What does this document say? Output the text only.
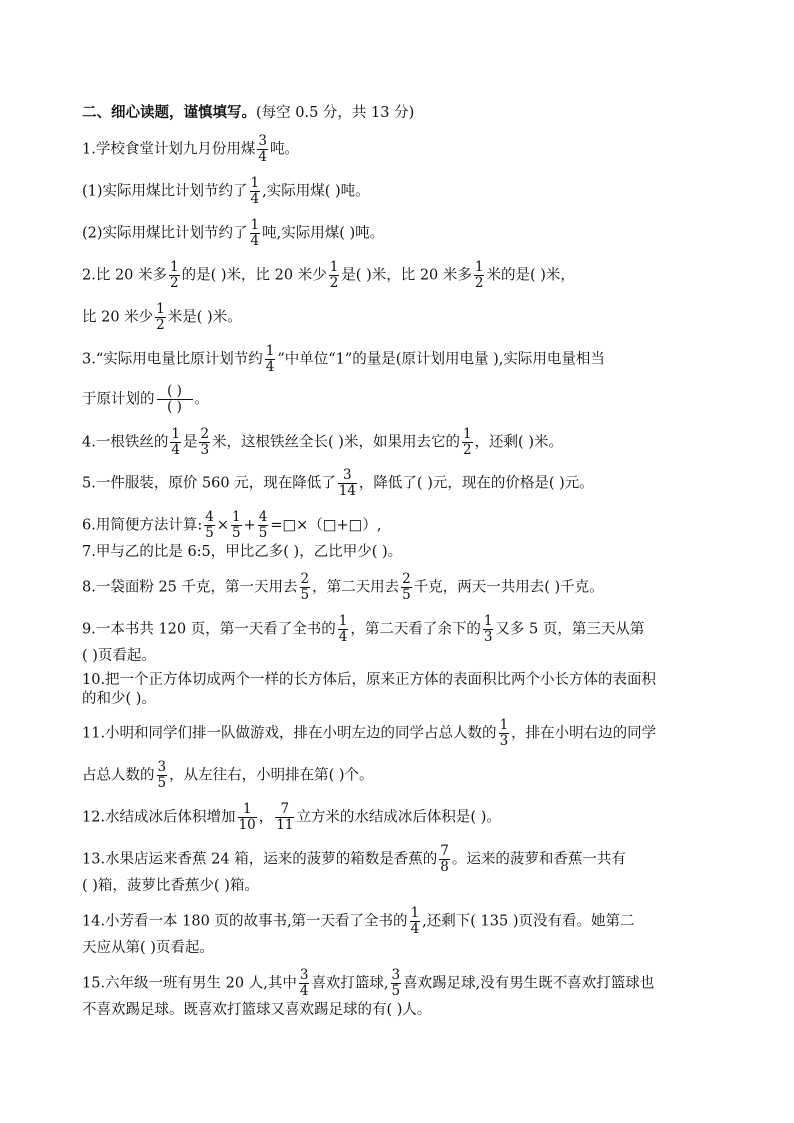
二、细心读题，谨慎填写。(每空 0.5 分，共 13 分)
1.学校食堂计划九月份用煤 $\frac{3}{4}$ 吨。
(1)实际用煤比计划节约了 $\frac{1}{4}$ ,实际用煤( )吨。
(2)实际用煤比计划节约了 $\frac{1}{4}$ 吨,实际用煤( )吨。
2.比 20 米多 $\frac{1}{2}$ 的是( )米，比 20 米少 $\frac{1}{2}$ 是( )米，比 20 米多 $\frac{1}{2}$ 米的是( )米，
比 20 米少 $\frac{1}{2}$ 米是( )米。
3.“实际用电量比原计划节约 $\frac{1}{4}$ ”中单位“1”的量是(原计划用电量 ),实际用电量相当
于原计划的 $\frac{( )}{( )}$ 。
4.一根铁丝的 $\frac{1}{4}$ 是 $\frac{2}{3}$ 米，这根铁丝全长( )米，如果用去它的 $\frac{1}{2}$ ，还剩( )米。
5.一件服装，原价 560 元，现在降低了 $\frac{3}{14}$ ，降低了( )元，现在的价格是( )元。
6.用简便方法计算: $\frac{4}{5} \times \frac{1}{5} + \frac{4}{5}$ =□×（□+□）,
7.甲与乙的比是 6:5，甲比乙多( )，乙比甲少( )。
8.一袋面粉 25 千克，第一天用去 $\frac{2}{5}$ ，第二天用去 $\frac{2}{5}$ 千克，两天一共用去( )千克。
9.一本书共 120 页，第一天看了全书的 $\frac{1}{4}$ ，第二天看了余下的 $\frac{1}{3}$ 又多 5 页，第三天从第
( )页看起。
10.把一个正方体切成两个一样的长方体后，原来正方体的表面积比两个小长方体的表面积
的和少( )。
11.小明和同学们排一队做游戏，排在小明左边的同学占总人数的 $\frac{1}{3}$ ，排在小明右边的同学
占总人数的 $\frac{3}{5}$ ，从左往右，小明排在第( )个。
12.水结成冰后体积增加 $\frac{1}{10}$ ， $\frac{7}{11}$ 立方米的水结成冰后体积是( )。
13.水果店运来香蕉 24 箱，运来的菠萝的箱数是香蕉的 $\frac{7}{8}$ 。运来的菠萝和香蕉一共有
( )箱，菠萝比香蕉少( )箱。
14.小芳看一本 180 页的故事书,第一天看了全书的 $\frac{1}{4}$ ,还剩下( 135 )页没有看。她第二
天应从第( )页看起。
15.六年级一班有男生 20 人,其中 $\frac{3}{4}$ 喜欢打篮球, $\frac{3}{5}$ 喜欢踢足球,没有男生既不喜欢打篮球也
不喜欢踢足球。既喜欢打篮球又喜欢踢足球的有( )人。
